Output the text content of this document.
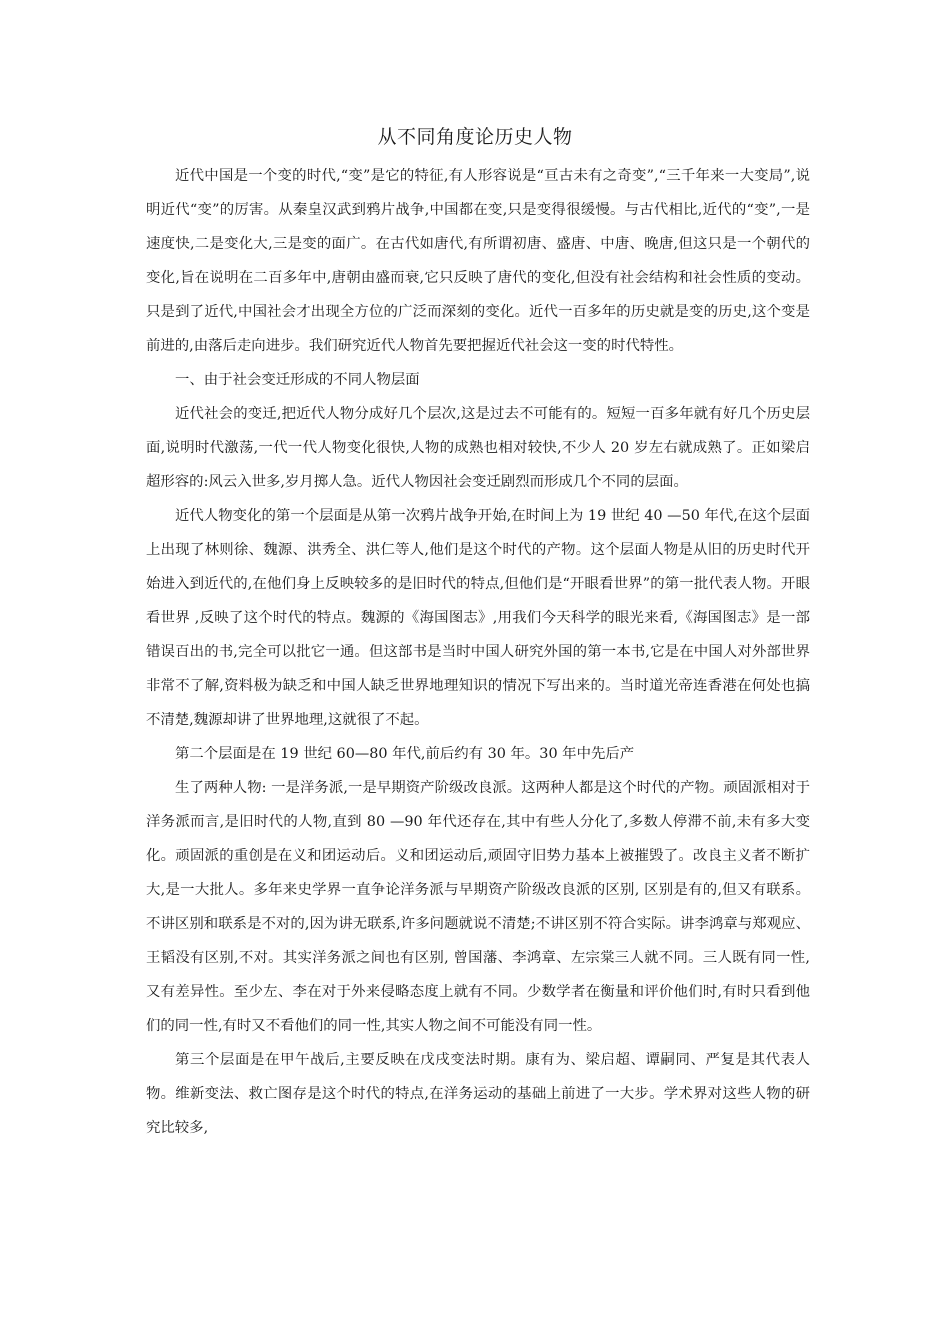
从不同角度论历史人物

近代中国是一个变的时代,“变”是它的特征,有人形容说是“亘古未有之奇变”,“三千年来一大变局”,说明近代“变”的厉害。从秦皇汉武到鸦片战争,中国都在变,只是变得很缓慢。与古代相比,近代的“变”,一是速度快,二是变化大,三是变的面广。在古代如唐代,有所谓初唐、盛唐、中唐、晚唐,但这只是一个朝代的变化,旨在说明在二百多年中,唐朝由盛而衰,它只反映了唐代的变化,但没有社会结构和社会性质的变动。只是到了近代,中国社会才出现全方位的广泛而深刻的变化。近代一百多年的历史就是变的历史,这个变是前进的,由落后走向进步。我们研究近代人物首先要把握近代社会这一变的时代特性。

一、由于社会变迁形成的不同人物层面

近代社会的变迁,把近代人物分成好几个层次,这是过去不可能有的。短短一百多年就有好几个历史层面,说明时代激荡,一代一代人物变化很快,人物的成熟也相对较快,不少人 20 岁左右就成熟了。正如梁启超形容的:风云入世多,岁月掷人急。近代人物因社会变迁剧烈而形成几个不同的层面。

近代人物变化的第一个层面是从第一次鸦片战争开始,在时间上为 19 世纪 40 —50 年代,在这个层面上出现了林则徐、魏源、洪秀全、洪仁等人,他们是这个时代的产物。这个层面人物是从旧的历史时代开始进入到近代的,在他们身上反映较多的是旧时代的特点,但他们是“开眼看世界”的第一批代表人物。开眼看世界 ,反映了这个时代的特点。魏源的《海国图志》,用我们今天科学的眼光来看,《海国图志》是一部错误百出的书,完全可以批它一通。但这部书是当时中国人研究外国的第一本书,它是在中国人对外部世界非常不了解,资料极为缺乏和中国人缺乏世界地理知识的情况下写出来的。当时道光帝连香港在何处也搞不清楚,魏源却讲了世界地理,这就很了不起。

第二个层面是在 19 世纪 60—80 年代,前后约有 30 年。30 年中先后产

生了两种人物: 一是洋务派,一是早期资产阶级改良派。这两种人都是这个时代的产物。顽固派相对于洋务派而言,是旧时代的人物,直到 80 —90 年代还存在,其中有些人分化了,多数人停滞不前,未有多大变化。顽固派的重创是在义和团运动后。义和团运动后,顽固守旧势力基本上被摧毁了。改良主义者不断扩大,是一大批人。多年来史学界一直争论洋务派与早期资产阶级改良派的区别, 区别是有的,但又有联系。不讲区别和联系是不对的,因为讲无联系,许多问题就说不清楚;不讲区别不符合实际。讲李鸿章与郑观应、王韬没有区别,不对。其实洋务派之间也有区别, 曾国藩、李鸿章、左宗棠三人就不同。三人既有同一性,又有差异性。至少左、李在对于外来侵略态度上就有不同。少数学者在衡量和评价他们时,有时只看到他们的同一性,有时又不看他们的同一性,其实人物之间不可能没有同一性。

第三个层面是在甲午战后,主要反映在戊戌变法时期。康有为、梁启超、谭嗣同、严复是其代表人物。维新变法、救亡图存是这个时代的特点,在洋务运动的基础上前进了一大步。学术界对这些人物的研究比较多,
